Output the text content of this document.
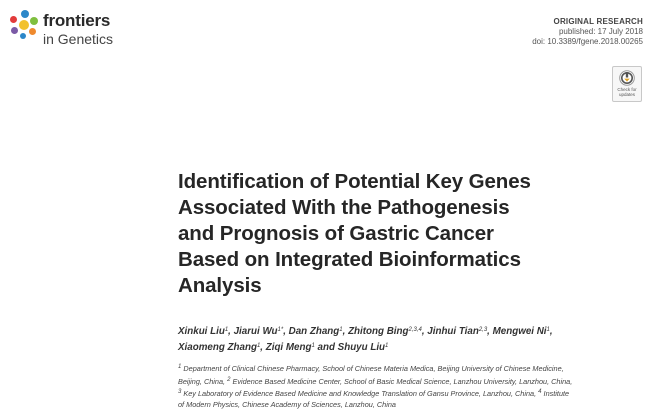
frontiers
in Genetics
ORIGINAL RESEARCH
published: 17 July 2018
doi: 10.3389/fgene.2018.00265
Check for
updates
Identification of Potential Key Genes
Associated With the Pathogenesis
and Prognosis of Gastric Cancer
Based on Integrated Bioinformatics
Analysis
Xinkui Liu$^1$, Jiarui $Wu^{1*}$, Dan Zhang$^1$, Zhitong Bing$^{2,3,4}$, Jinhui Tian$^{2,3}$, Mengwei Ni$^1$,
Xiaomeng Zhang$^1$, Ziqi Meng$^1$ and Shuyu Liu$^1$
$^1$ Department of Clinical Chinese Pharmacy, School of Chinese Materia Medica, Beijing University of Chinese Medicine,
Beijing, China, $^2$ Evidence Based Medicine Center, School of Basic Medical Science, Lanzhou University, Lanzhou, China,
$^3$ Key Laboratory of Evidence Based Medicine and Knowledge Translation of Gansu Province, Lanzhou, China, $^4$ Institute
of Modern Physics, Chinese Academy of Sciences, Lanzhou, China
